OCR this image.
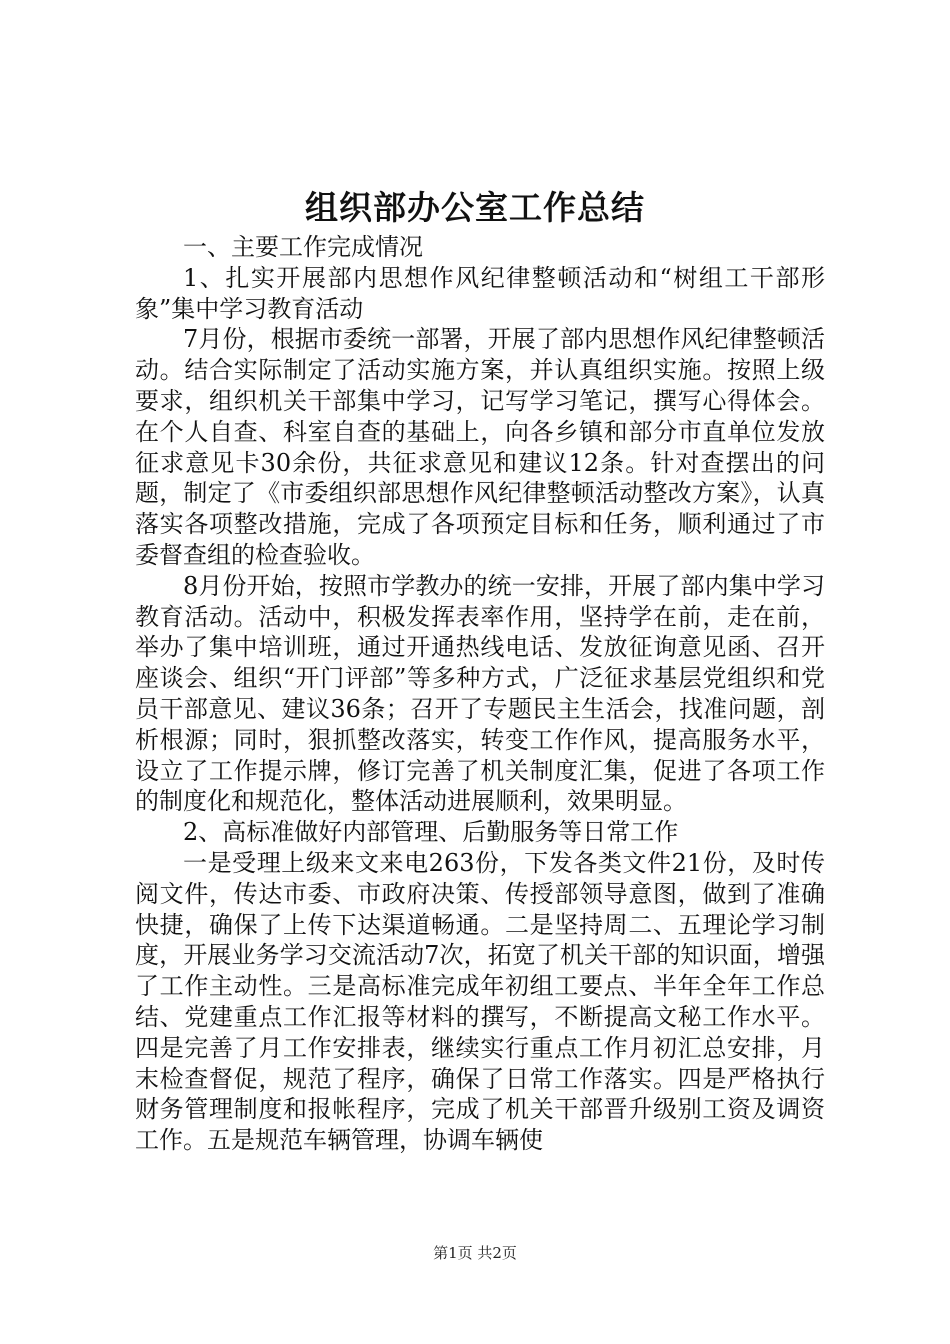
组织部办公室工作总结

一、主要工作完成情况

1、扎实开展部内思想作风纪律整顿活动和“树组工干部形象”集中学习教育活动

7月份，根据市委统一部署，开展了部内思想作风纪律整顿活动。结合实际制定了活动实施方案，并认真组织实施。按照上级要求，组织机关干部集中学习，记写学习笔记，撰写心得体会。在个人自查、科室自查的基础上，向各乡镇和部分市直单位发放征求意见卡30余份，共征求意见和建议12条。针对查摆出的问题，制定了《市委组织部思想作风纪律整顿活动整改方案》，认真落实各项整改措施，完成了各项预定目标和任务，顺利通过了市委督查组的检查验收。

8月份开始，按照市学教办的统一安排，开展了部内集中学习教育活动。活动中，积极发挥表率作用，坚持学在前，走在前，举办了集中培训班，通过开通热线电话、发放征询意见函、召开座谈会、组织“开门评部”等多种方式，广泛征求基层党组织和党员干部意见、建议36条；召开了专题民主生活会，找准问题，剖析根源；同时，狠抓整改落实，转变工作作风，提高服务水平，设立了工作提示牌，修订完善了机关制度汇集，促进了各项工作的制度化和规范化，整体活动进展顺利，效果明显。

2、高标准做好内部管理、后勤服务等日常工作

一是受理上级来文来电263份，下发各类文件21份，及时传阅文件，传达市委、市政府决策、传授部领导意图，做到了准确快捷，确保了上传下达渠道畅通。二是坚持周二、五理论学习制度，开展业务学习交流活动7次，拓宽了机关干部的知识面，增强了工作主动性。三是高标准完成年初组工要点、半年全年工作总结、党建重点工作汇报等材料的撰写，不断提高文秘工作水平。四是完善了月工作安排表，继续实行重点工作月初汇总安排，月末检查督促，规范了程序，确保了日常工作落实。四是严格执行财务管理制度和报帐程序，完成了机关干部晋升级别工资及调资工作。五是规范车辆管理，协调车辆使

第1页 共2页
